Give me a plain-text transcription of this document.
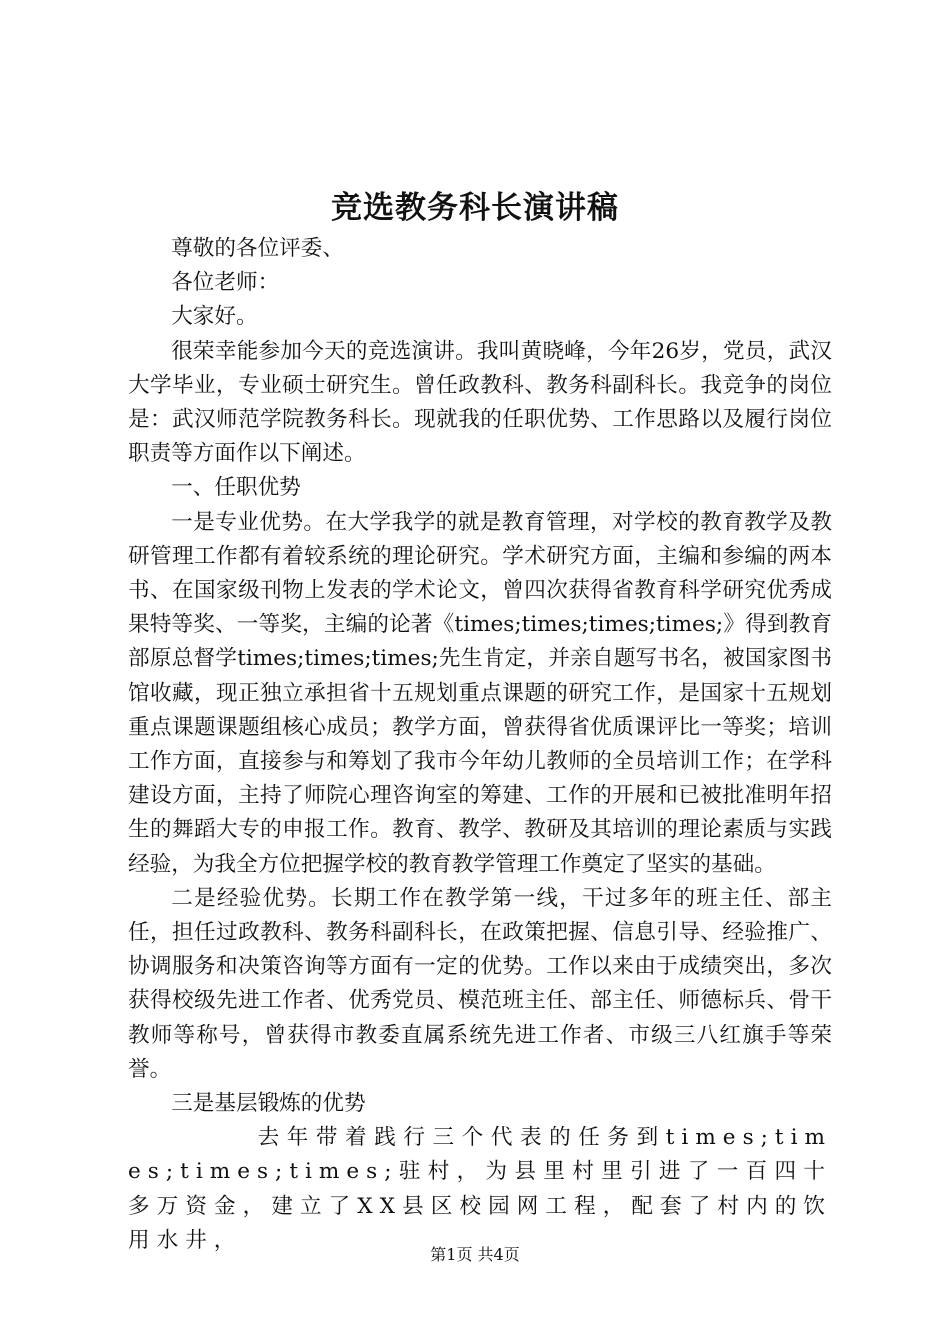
竞选教务科长演讲稿

尊敬的各位评委、

各位老师：

大家好。

很荣幸能参加今天的竞选演讲。我叫黄晓峰，今年26岁，党员，武汉大学毕业，专业硕士研究生。曾任政教科、教务科副科长。我竞争的岗位是：武汉师范学院教务科长。现就我的任职优势、工作思路以及履行岗位职责等方面作以下阐述。

一、任职优势

一是专业优势。在大学我学的就是教育管理，对学校的教育教学及教研管理工作都有着较系统的理论研究。学术研究方面，主编和参编的两本书、在国家级刊物上发表的学术论文，曾四次获得省教育科学研究优秀成果特等奖、一等奖，主编的论著《times;times;times;times;》得到教育部原总督学times;times;times;先生肯定，并亲自题写书名，被国家图书馆收藏，现正独立承担省十五规划重点课题的研究工作，是国家十五规划重点课题课题组核心成员；教学方面，曾获得省优质课评比一等奖；培训工作方面，直接参与和筹划了我市今年幼儿教师的全员培训工作；在学科建设方面，主持了师院心理咨询室的筹建、工作的开展和已被批准明年招生的舞蹈大专的申报工作。教育、教学、教研及其培训的理论素质与实践经验，为我全方位把握学校的教育教学管理工作奠定了坚实的基础。

二是经验优势。长期工作在教学第一线，干过多年的班主任、部主任，担任过政教科、教务科副科长，在政策把握、信息引导、经验推广、协调服务和决策咨询等方面有一定的优势。工作以来由于成绩突出，多次获得校级先进工作者、优秀党员、模范班主任、部主任、师德标兵、骨干教师等称号，曾获得市教委直属系统先进工作者、市级三八红旗手等荣誉。

三是基层锻炼的优势

去年带着践行三个代表的任务到times;times;times;times;驻村，为县里村里引进了一百四十多万资金，建立了XX县区校园网工程，配套了村内的饮用水井，

第1页 共4页
